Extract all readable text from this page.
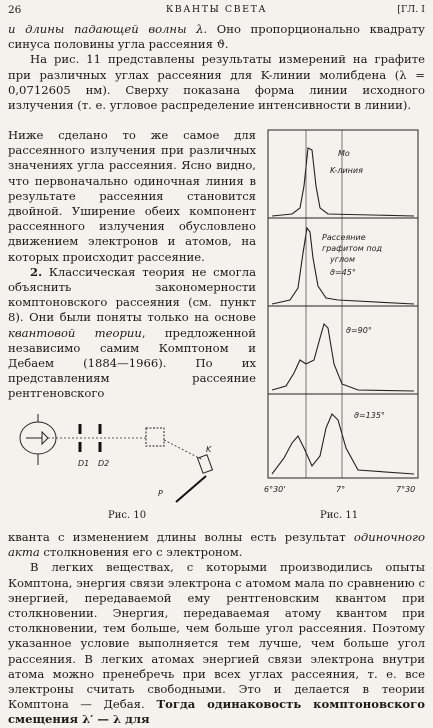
26	КВАНТЫ СВЕТА	[ГЛ. I

и длины падающей волны λ. Оно пропорционально квадрату синуса половины угла рассеяния ϑ.

На рис. 11 представлены результаты измерений на графите при различных углах рассеяния для K-линии молибдена (λ = 0,0712605 нм). Сверху показана форма линии исходного излучения (т. е. угловое распределение интенсивности в линии).

Ниже сделано то же самое для рассеянного излучения при различных значениях угла рассеяния. Ясно видно, что первоначально одиночная линия в результате рассеяния становится двойной. Уширение обеих компонент рассеянного излучения обусловлено движением электронов и атомов, на которых происходит рассеяние.

2. Классическая теория не смогла объяснить закономерности комптоновского рассеяния (см. пункт 8). Они были поняты только на основе квантовой теории, предложенной независимо самим Комптоном и Дебаем (1884—1966). По их представлениям рассеяние рентгеновского

D1 D2
K
P
Рис. 10
Mo
K-линия
Рассеяние
графитом под
углом
ϑ=45°
ϑ=90°
ϑ=135°
6°30'	7°	7°30
Рис. 11

кванта с изменением длины волны есть результат одиночного акта столкновения его с электроном.

В легких веществах, с которыми производились опыты Комптона, энергия связи электрона с атомом мала по сравнению с энергией, передаваемой ему рентгеновским квантом при столкновении. Энергия, передаваемая атому квантом при столкновении, тем больше, чем больше угол рассеяния. Поэтому указанное условие выполняется тем лучше, чем больше угол рассеяния. В легких атомах энергией связи электрона внутри атома можно пренебречь при всех углах рассеяния, т. е. все электроны считать свободными. Это и делается в теории Комптона — Дебая. Тогда одинаковость комптоновского смещения λ′ — λ для
